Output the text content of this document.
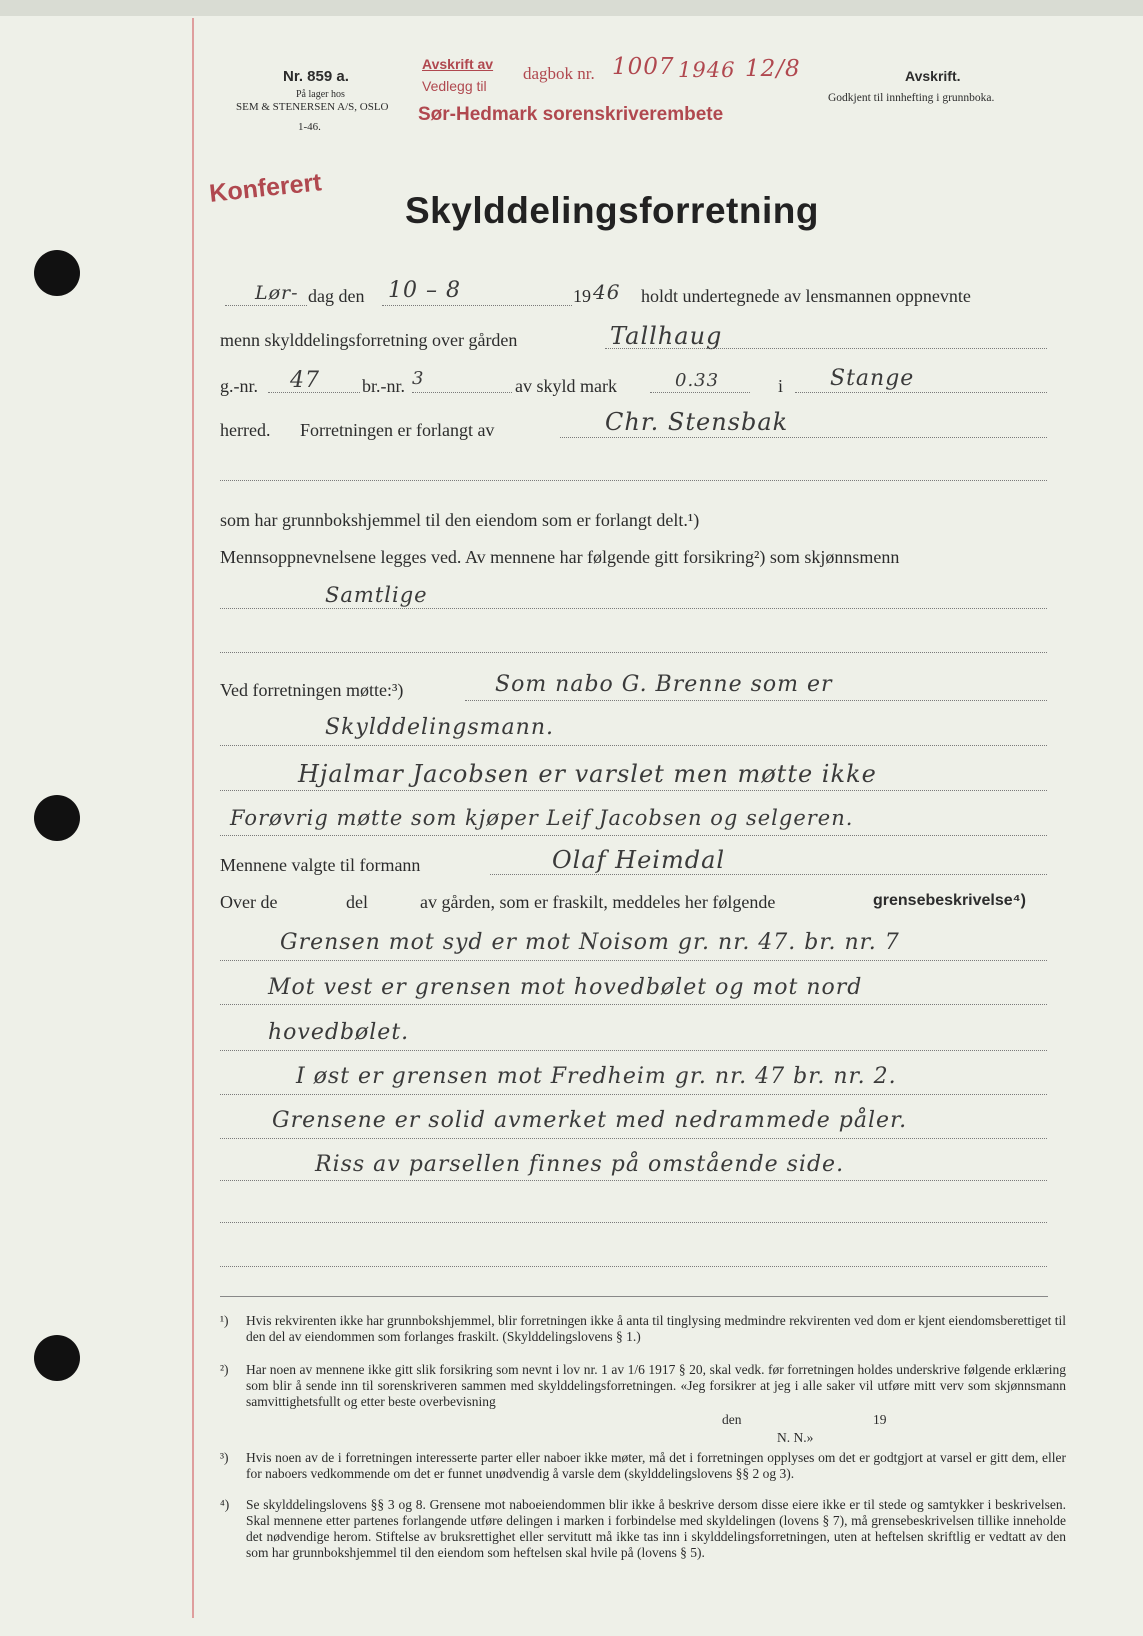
Nr. 859 a.
På lager hos
SEM & STENERSEN A/S, OSLO
1-46.
Avskrift av
Vedlegg til
dagbok nr. 1007 1946 12/8
Sør-Hedmark sorenskriverembete
Konferert
Avskrift.
Godkjent til innhefting i grunnboka.
Skylddelingsforretning
Lør- dag den 10 – 8	19 46 holdt undertegnede av lensmannen oppnevnte
menn skylddelingsforretning over gården	Tallhaug
g.-nr. 47 br.-nr. 3	av skyld mark	0.33	i Stange
herred. Forretningen er forlangt av	Chr. Stensbak
som har grunnbokshjemmel til den eiendom som er forlangt delt.¹)
Mennsoppnevnelsene legges ved. Av mennene har følgende gitt forsikring²) som skjønnsmenn
Samtlige
Ved forretningen møtte:³)	Som nabo G. Brenne som er
Skylddelingsmann.
Hjalmar Jacobsen er varslet men møtte ikke
Forøvrig møtte som kjøper Leif Jacobsen og selgeren.
Mennene valgte til formann	Olaf Heimdal
Over de	del	av gården, som er fraskilt, meddeles her følgende	grensebeskrivelse⁴)
Grensen mot syd er mot Noisom gr. nr. 47. br. nr. 7
Mot vest er grensen mot hovedbølet og mot nord
hovedbølet.
I øst er grensen mot Fredheim gr. nr. 47 br. nr. 2.
Grensene er solid avmerket med nedrammede påler.
Riss av parsellen finnes på omstående side.
¹)	Hvis rekvirenten ikke har grunnbokshjemmel, blir forretningen ikke å anta til tinglysing medmindre rekvirenten ved dom er kjent eiendomsberettiget til den del av eiendommen som forlanges fraskilt. (Skylddelingslovens § 1.)
²)	Har noen av mennene ikke gitt slik forsikring som nevnt i lov nr. 1 av 1/6 1917 § 20, skal vedk. før forretningen holdes underskrive følgende erklæring som blir å sende inn til sorenskriveren sammen med skylddelingsforretningen. «Jeg forsikrer at jeg i alle saker vil utføre mitt verv som skjønnsmann samvittighetsfullt og etter beste overbevisning
den	19
N. N.»
³)	Hvis noen av de i forretningen interesserte parter eller naboer ikke møter, må det i forretningen opplyses om det er godtgjort at varsel er gitt dem, eller for naboers vedkommende om det er funnet unødvendig å varsle dem (skylddelingslovens §§ 2 og 3).
⁴)	Se skylddelingslovens §§ 3 og 8. Grensene mot naboeiendommen blir ikke å beskrive dersom disse eiere ikke er til stede og samtykker i beskrivelsen. Skal mennene etter partenes forlangende utføre delingen i marken i forbindelse med skyldelingen (lovens § 7), må grensebeskrivelsen tillike inneholde det nødvendige herom. Stiftelse av bruksrettighet eller servitutt må ikke tas inn i skylddelingsforretningen, uten at heftelsen skriftlig er vedtatt av den som har grunnbokshjemmel til den eiendom som heftelsen skal hvile på (lovens § 5).
